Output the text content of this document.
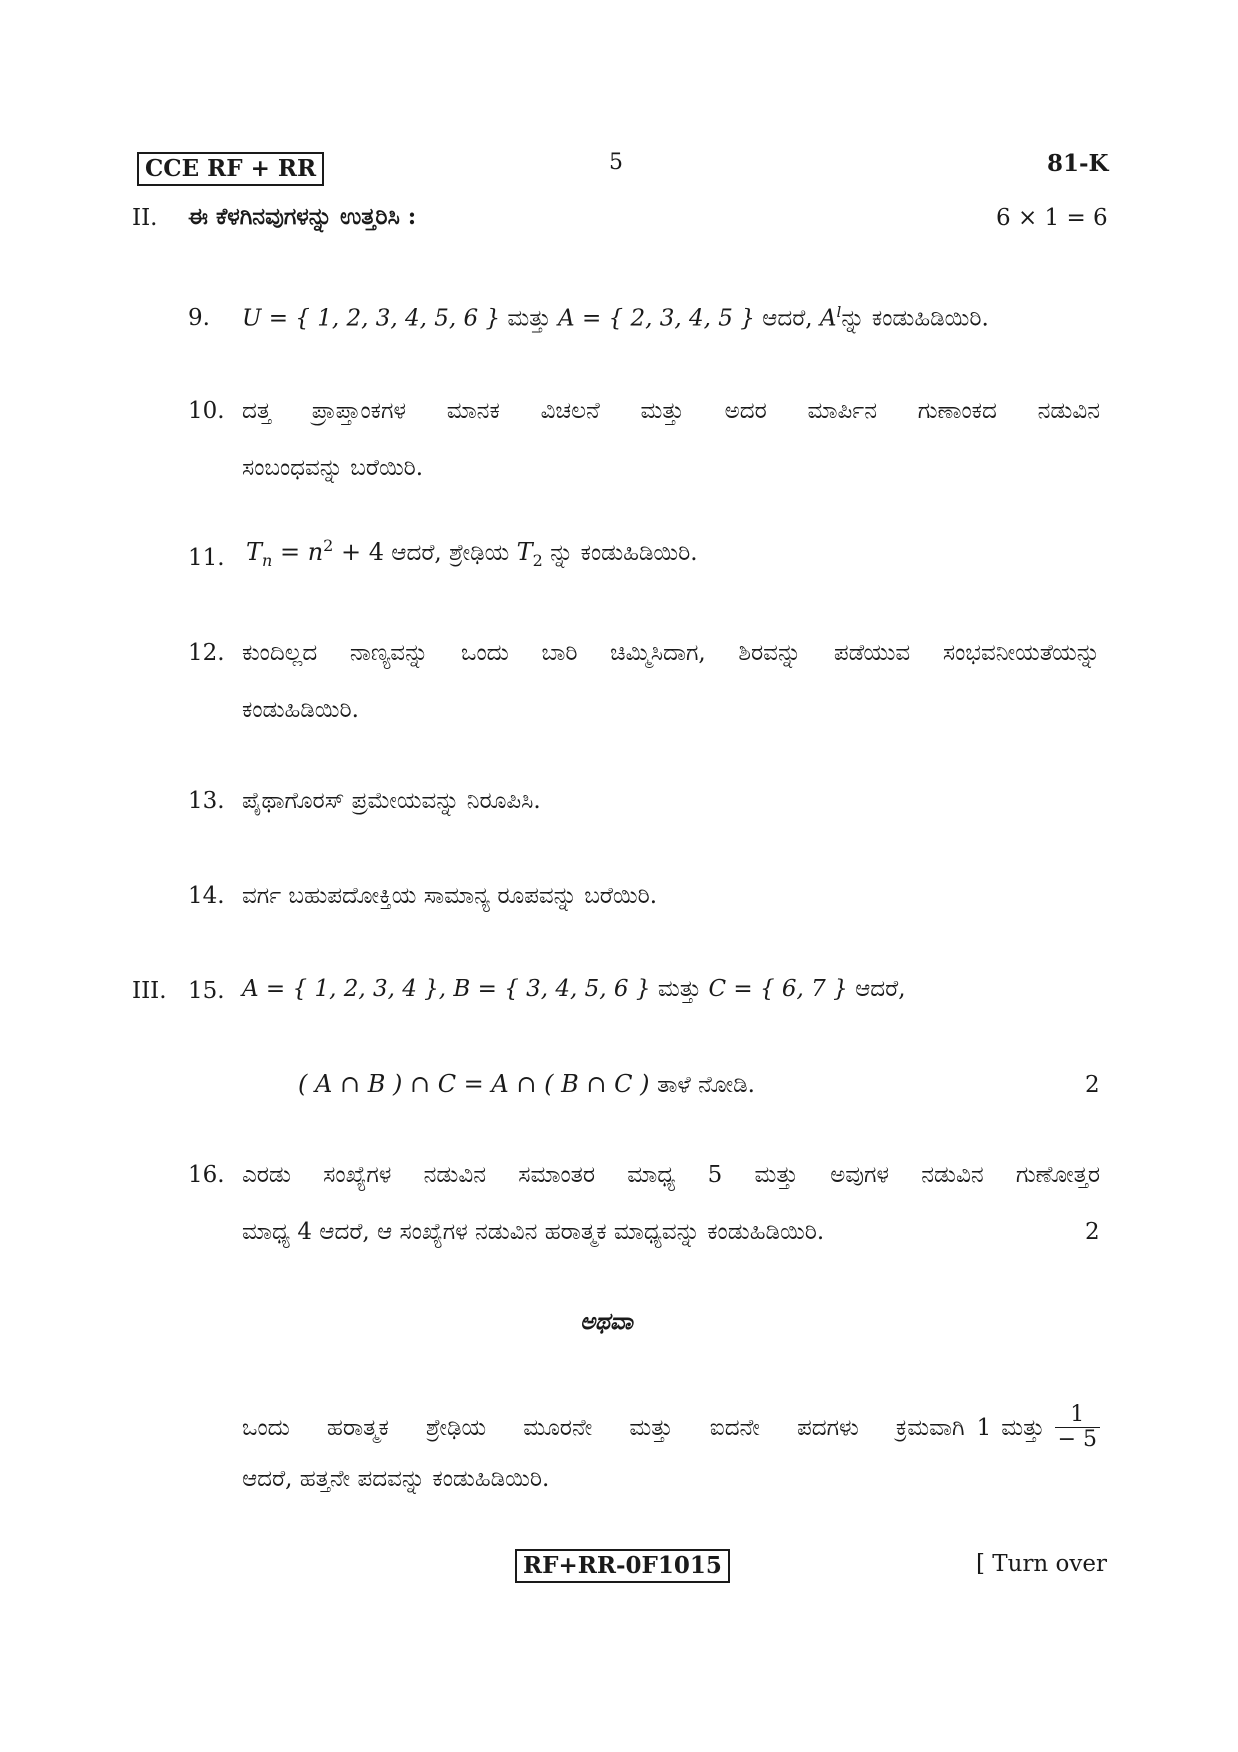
CCE RF + RR	5	81-K
II. ಈ ಕೆಳಗಿನವುಗಳನ್ನು ಉತ್ತರಿಸಿ :	6 × 1 = 6
9. U = { 1, 2, 3, 4, 5, 6 } ಮತ್ತು A = { 2, 3, 4, 5 } ಆದರೆ, $A^lನ್ನು$ ಕಂಡುಹಿಡಿಯಿರಿ.
10. ದತ್ತ ಪ್ರಾಪ್ತಾಂಕಗಳ ಮಾನಕ ವಿಚಲನೆ ಮತ್ತು ಅದರ ಮಾರ್ಪಿನ ಗುಣಾಂಕದ ನಡುವಿನ
ಸಂಬಂಧವನ್ನು ಬರೆಯಿರಿ.
11. $T_n = n^2 + 4$ ಆದರೆ, ಶ್ರೇಢಿಯ $T_2$ ನ್ನು ಕಂಡುಹಿಡಿಯಿರಿ.
12. ಕುಂದಿಲ್ಲದ ನಾಣ್ಯವನ್ನು ಒಂದು ಬಾರಿ ಚಿಮ್ಮಿಸಿದಾಗ, ಶಿರವನ್ನು ಪಡೆಯುವ ಸಂಭವನೀಯತೆಯನ್ನು
ಕಂಡುಹಿಡಿಯಿರಿ.
13. ಪೈಥಾಗೊರಸ್ ಪ್ರಮೇಯವನ್ನು ನಿರೂಪಿಸಿ.
14. ವರ್ಗ ಬಹುಪದೋಕ್ತಿಯ ಸಾಮಾನ್ಯ ರೂಪವನ್ನು ಬರೆಯಿರಿ.
III. 15. A = { 1, 2, 3, 4 }, B = { 3, 4, 5, 6 } ಮತ್ತು C = { 6, 7 } ಆದರೆ,
( A ∩ B ) ∩ C = A ∩ ( B ∩ C ) ತಾಳೆ ನೋಡಿ.	2
16. ಎರಡು ಸಂಖ್ಯೆಗಳ ನಡುವಿನ ಸಮಾಂತರ ಮಾಧ್ಯ 5 ಮತ್ತು ಅವುಗಳ ನಡುವಿನ ಗುಣೋತ್ತರ
ಮಾಧ್ಯ 4 ಆದರೆ, ಆ ಸಂಖ್ಯೆಗಳ ನಡುವಿನ ಹರಾತ್ಮಕ ಮಾಧ್ಯವನ್ನು ಕಂಡುಹಿಡಿಯಿರಿ.	2
ಅಥವಾ
ಒಂದು ಹರಾತ್ಮಕ ಶ್ರೇಢಿಯ ಮೂರನೇ ಮತ್ತು ಐದನೇ ಪದಗಳು ಕ್ರಮವಾಗಿ 1 ಮತ್ತು $\frac{1}{- 5}$
ಆದರೆ, ಹತ್ತನೇ ಪದವನ್ನು ಕಂಡುಹಿಡಿಯಿರಿ.
RF+RR-0F1015	[ Turn over
